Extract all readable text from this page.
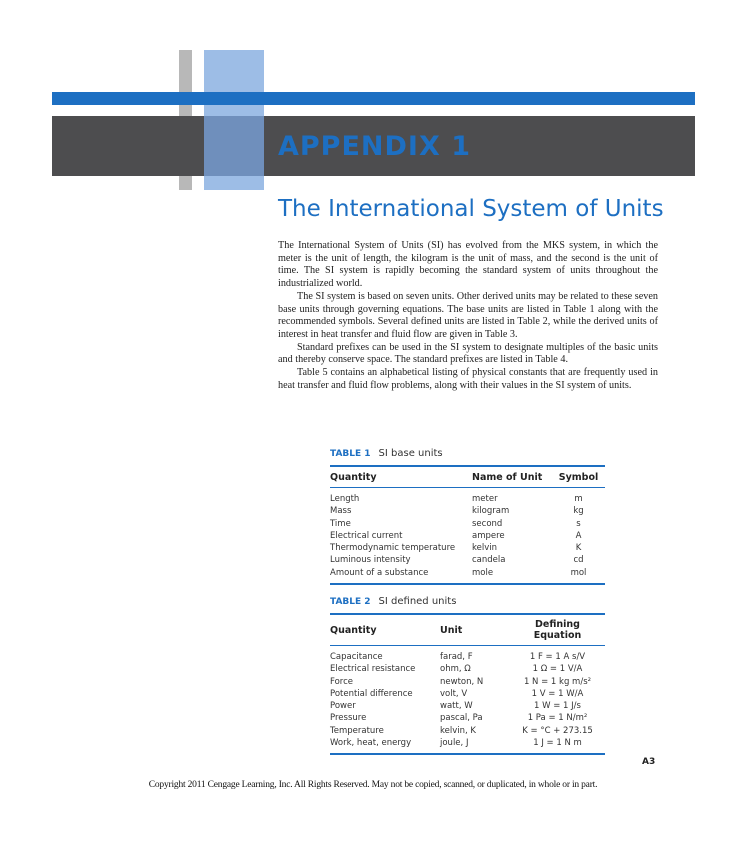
APPENDIX 1
The International System of Units

The International System of Units (SI) has evolved from the MKS system, in which the meter is the unit of length, the kilogram is the unit of mass, and the second is the unit of time. The SI system is rapidly becoming the standard system of units throughout the industrialized world.

The SI system is based on seven units. Other derived units may be related to these seven base units through governing equations. The base units are listed in Table 1 along with the recommended symbols. Several defined units are listed in Table 2, while the derived units of interest in heat transfer and fluid flow are given in Table 3.

Standard prefixes can be used in the SI system to designate multiples of the basic units and thereby conserve space. The standard prefixes are listed in Table 4.

Table 5 contains an alphabetical listing of physical constants that are frequently used in heat transfer and fluid flow problems, along with their values in the SI system of units.

TABLE 1 SI base units
Quantity	Name of Unit	Symbol
Length	meter	m
Mass	kilogram	kg
Time	second	s
Electrical current	ampere	A
Thermodynamic temperature	kelvin	K
Luminous intensity	candela	cd
Amount of a substance	mole	mol
TABLE 2 SI defined units
Quantity	Unit	Defining Equation
Capacitance	farad, F	1 F = 1 A s/V
Electrical resistance	ohm, Ω	1 Ω = 1 V/A
Force	newton, N	1 N = 1 kg m/s²
Potential difference	volt, V	1 V = 1 W/A
Power	watt, W	1 W = 1 J/s
Pressure	pascal, Pa	1 Pa = 1 N/m²
Temperature	kelvin, K	K = °C + 273.15
Work, heat, energy	joule, J	1 J = 1 N m
A3
Copyright 2011 Cengage Learning, Inc. All Rights Reserved. May not be copied, scanned, or duplicated, in whole or in part.
